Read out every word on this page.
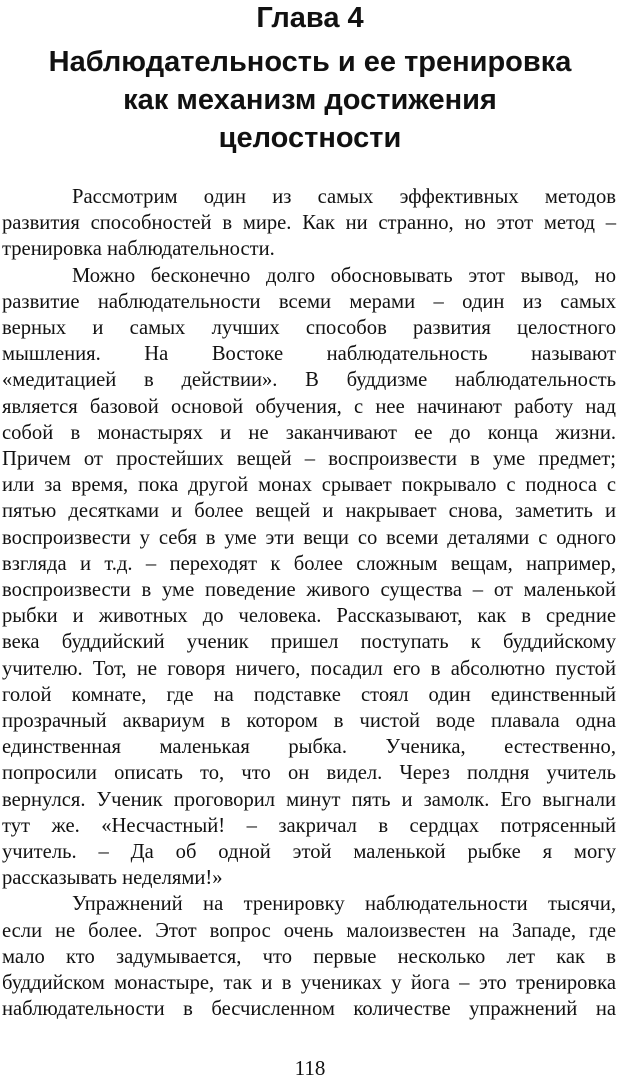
Глава 4
Наблюдательность и ее тренировка
как механизм достижения
целостности
Рассмотрим один из самых эффективных методов
развития способностей в мире. Как ни странно, но этот метод –
тренировка наблюдательности.
Можно бесконечно долго обосновывать этот вывод, но
развитие наблюдательности всеми мерами – один из самых
верных и самых лучших способов развития целостного
мышления. На Востоке наблюдательность называют
«медитацией в действии». В буддизме наблюдательность
является базовой основой обучения, с нее начинают работу над
собой в монастырях и не заканчивают ее до конца жизни.
Причем от простейших вещей – воспроизвести в уме предмет;
или за время, пока другой монах срывает покрывало с подноса с
пятью десятками и более вещей и накрывает снова, заметить и
воспроизвести у себя в уме эти вещи со всеми деталями с одного
взгляда и т.д. – переходят к более сложным вещам, например,
воспроизвести в уме поведение живого существа – от маленькой
рыбки и животных до человека. Рассказывают, как в средние
века буддийский ученик пришел поступать к буддийскому
учителю. Тот, не говоря ничего, посадил его в абсолютно пустой
голой комнате, где на подставке стоял один единственный
прозрачный аквариум в котором в чистой воде плавала одна
единственная маленькая рыбка. Ученика, естественно,
попросили описать то, что он видел. Через полдня учитель
вернулся. Ученик проговорил минут пять и замолк. Его выгнали
тут же. «Несчастный! – закричал в сердцах потрясенный
учитель. – Да об одной этой маленькой рыбке я могу
рассказывать неделями!»
Упражнений на тренировку наблюдательности тысячи,
если не более. Этот вопрос очень малоизвестен на Западе, где
мало кто задумывается, что первые несколько лет как в
буддийском монастыре, так и в учениках у йога – это тренировка
наблюдательности в бесчисленном количестве упражнений на
118
